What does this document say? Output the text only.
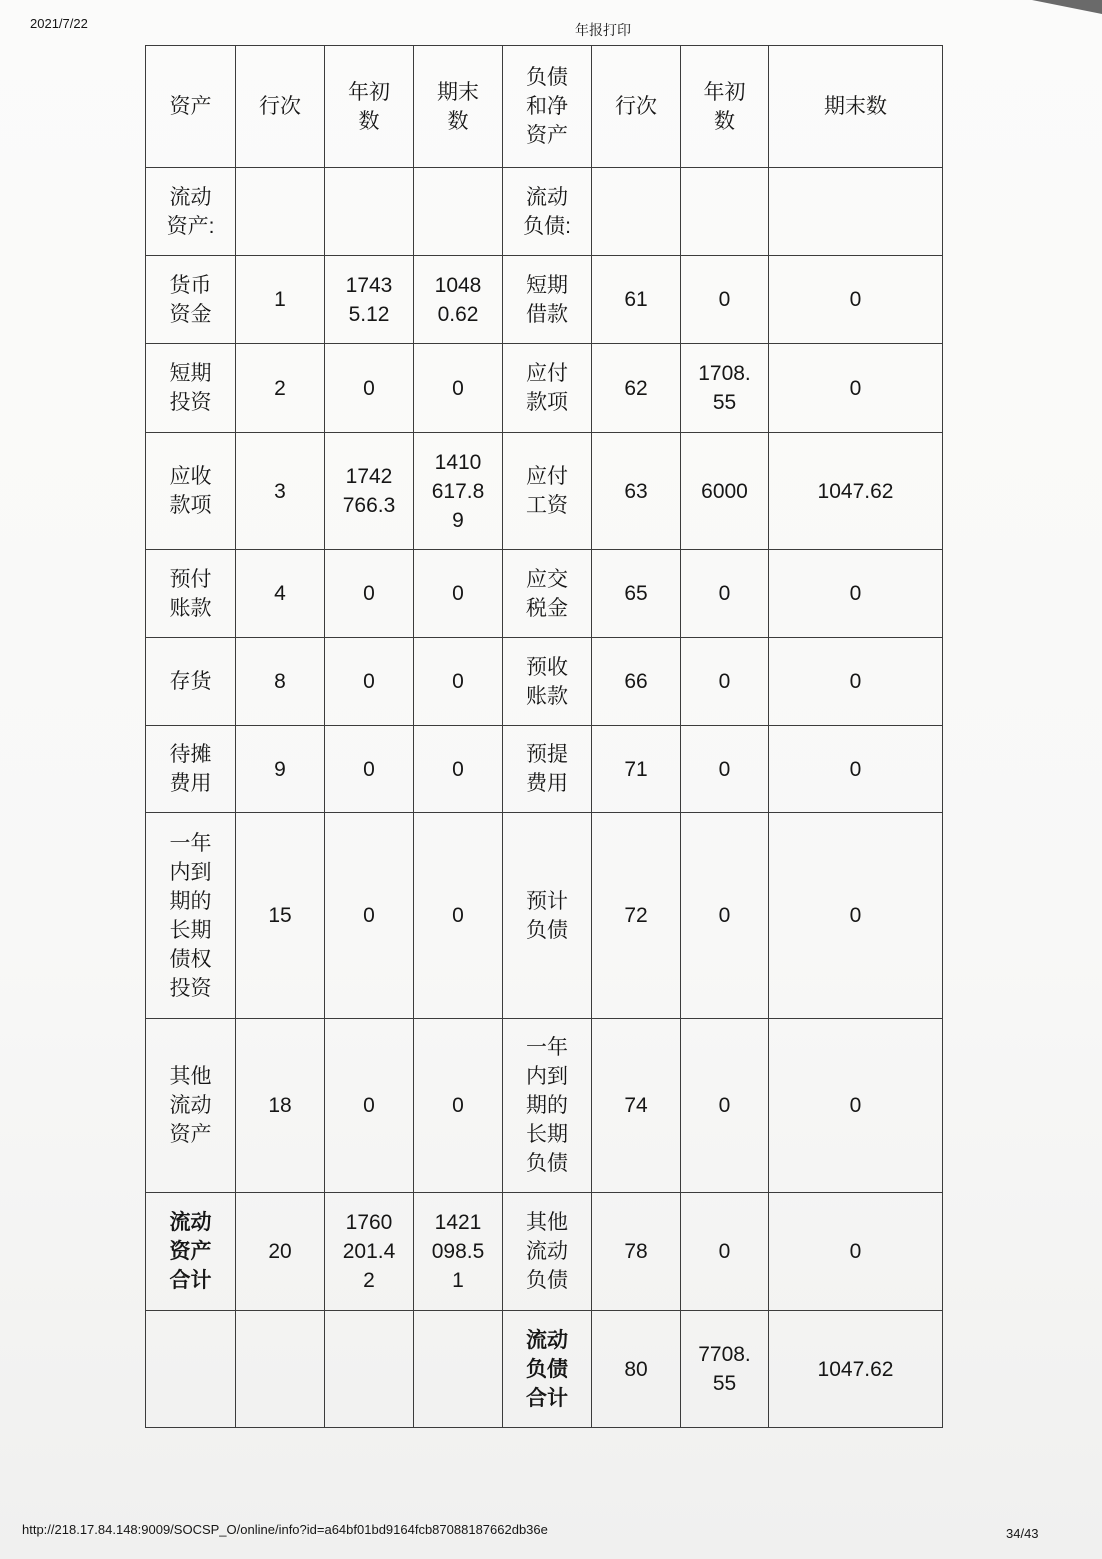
2021/7/22	年报打印
资产	行次	年初数	期末数	负债和净资产	行次	年初数	期末数

流动资产:				流动负债:			

货币资金	1	17435.12	10480.62	短期借款	61	0	0

短期投资	2	0	0	应付款项	62	1708.55	0

应收款项	3	1742766.3	1410617.89	应付工资	63	6000	1047.62

预付账款	4	0	0	应交税金	65	0	0

存货	8	0	0	预收账款	66	0	0

待摊费用	9	0	0	预提费用	71	0	0

一年内到期的长期债权投资	15	0	0	预计负债	72	0	0

其他流动资产	18	0	0	一年内到期的长期负债	74	0	0

流动资产合计	20	1760201.42	1421098.51	其他流动负债	78	0	0

				流动负债合计	80	7708.55	1047.62
http://218.17.84.148:9009/SOCSP_O/online/info?id=a64bf01bd9164fcb87088187662db36e	34/43
